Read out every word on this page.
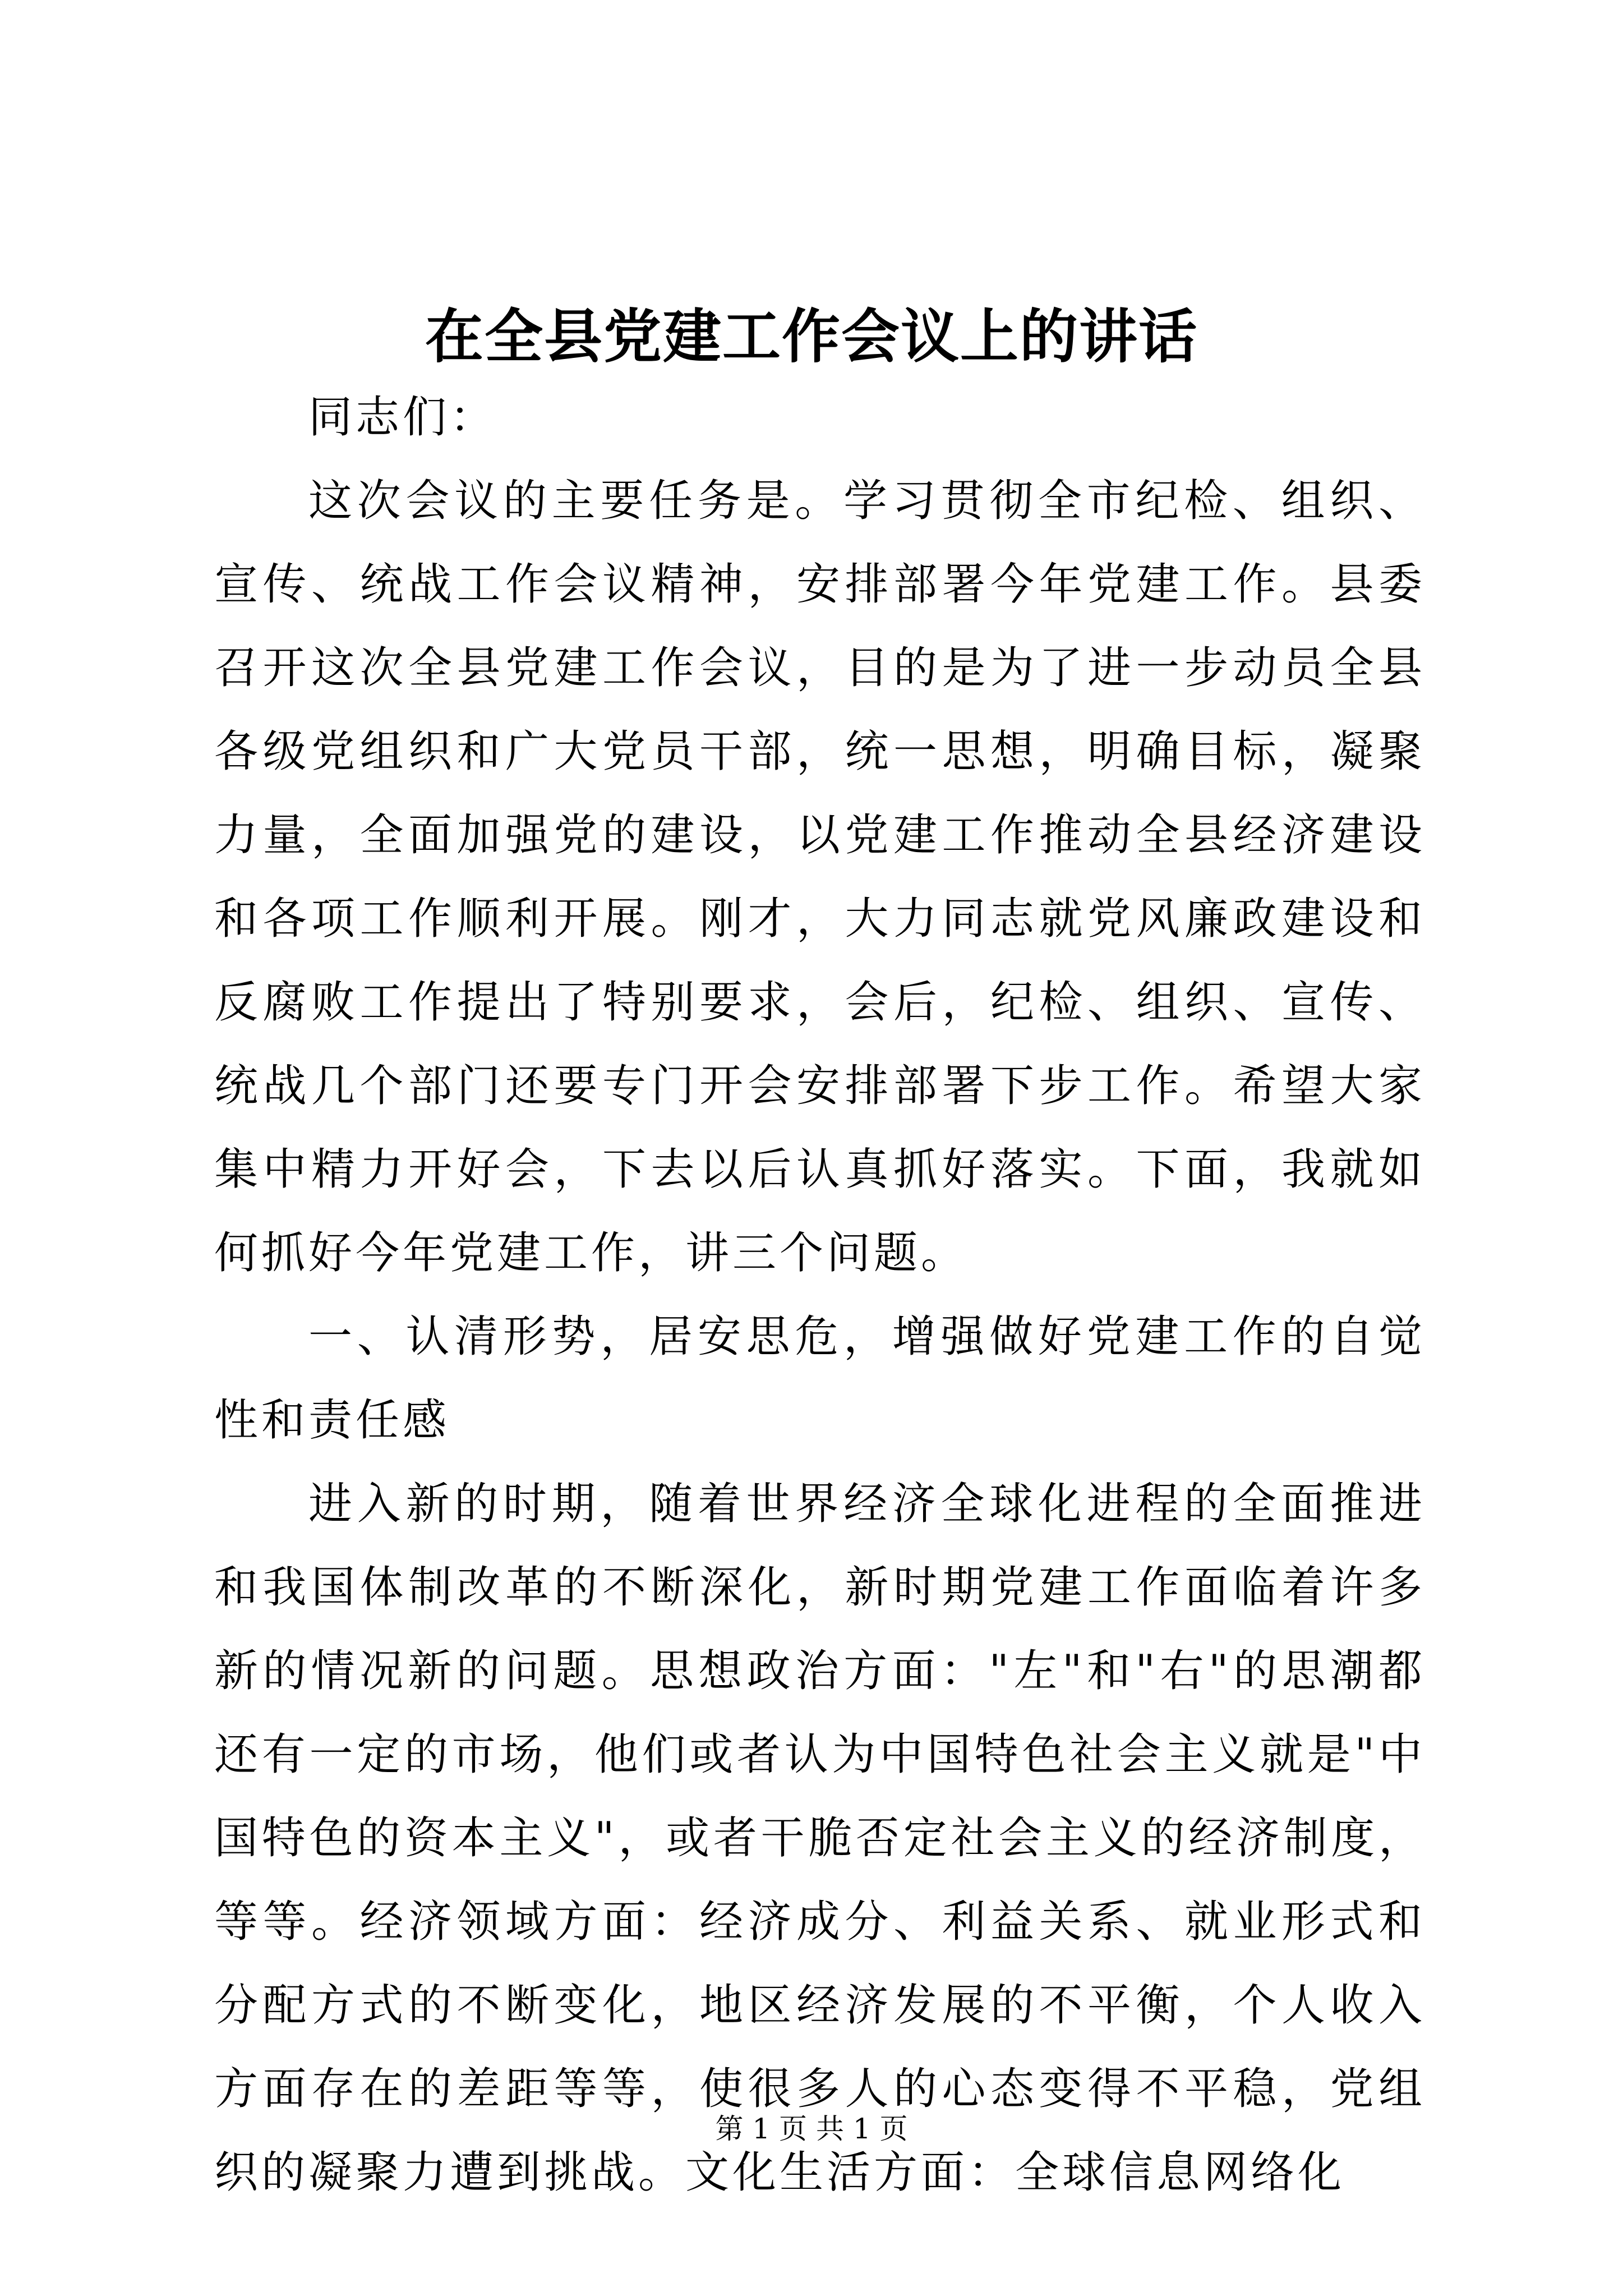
在全县党建工作会议上的讲话

同志们：

这次会议的主要任务是。学习贯彻全市纪检、组织、宣传、统战工作会议精神，安排部署今年党建工作。县委召开这次全县党建工作会议，目的是为了进一步动员全县各级党组织和广大党员干部，统一思想，明确目标，凝聚力量，全面加强党的建设，以党建工作推动全县经济建设和各项工作顺利开展。刚才，大力同志就党风廉政建设和反腐败工作提出了特别要求，会后，纪检、组织、宣传、统战几个部门还要专门开会安排部署下步工作。希望大家集中精力开好会，下去以后认真抓好落实。下面，我就如何抓好今年党建工作，讲三个问题。

一、认清形势，居安思危，增强做好党建工作的自觉性和责任感

进入新的时期，随着世界经济全球化进程的全面推进和我国体制改革的不断深化，新时期党建工作面临着许多新的情况新的问题。思想政治方面："左"和"右"的思潮都还有一定的市场，他们或者认为中国特色社会主义就是"中国特色的资本主义"，或者干脆否定社会主义的经济制度，等等。经济领域方面：经济成分、利益关系、就业形式和分配方式的不断变化，地区经济发展的不平衡，个人收入方面存在的差距等等，使很多人的心态变得不平稳，党组织的凝聚力遭到挑战。文化生活方面：全球信息网络化

第 1 页 共 1 页
